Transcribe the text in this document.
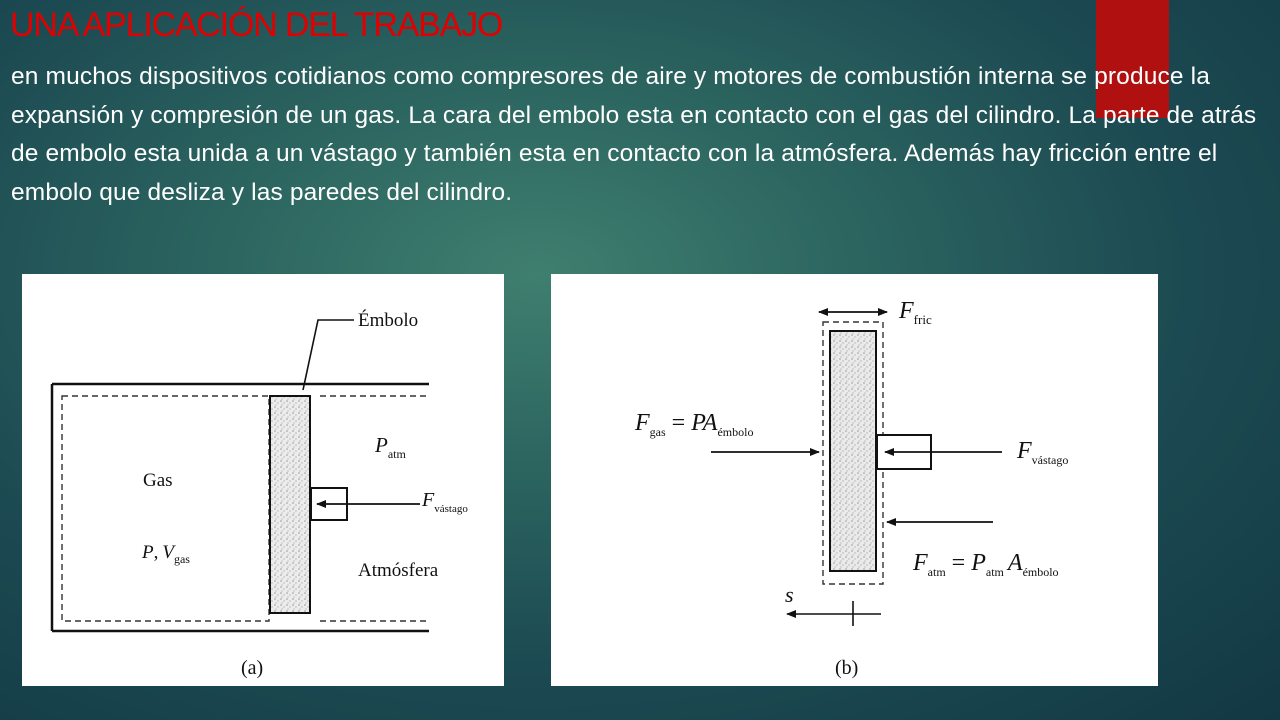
UNA APLICACIÓN DEL TRABAJO

en muchos dispositivos cotidianos como compresores de aire y motores de combustión interna se produce la expansión y compresión de un gas. La cara del embolo esta en contacto con el gas del cilindro. La parte de atrás de embolo esta unida a un vástago y también esta en contacto con la atmósfera. Además hay fricción entre el embolo que desliza y las paredes del cilindro.

Émbolo
Gas
P, $V_{gas}$
$P_{atm}$
Atmósfera
$F_{vástago}$
(a)
$F_{fric}$
$F_{gas} = PA_{émbolo}$
$F_{vástago}$
$F_{atm} = P_{atm}$ $A_{émbolo}$
s
(b)
